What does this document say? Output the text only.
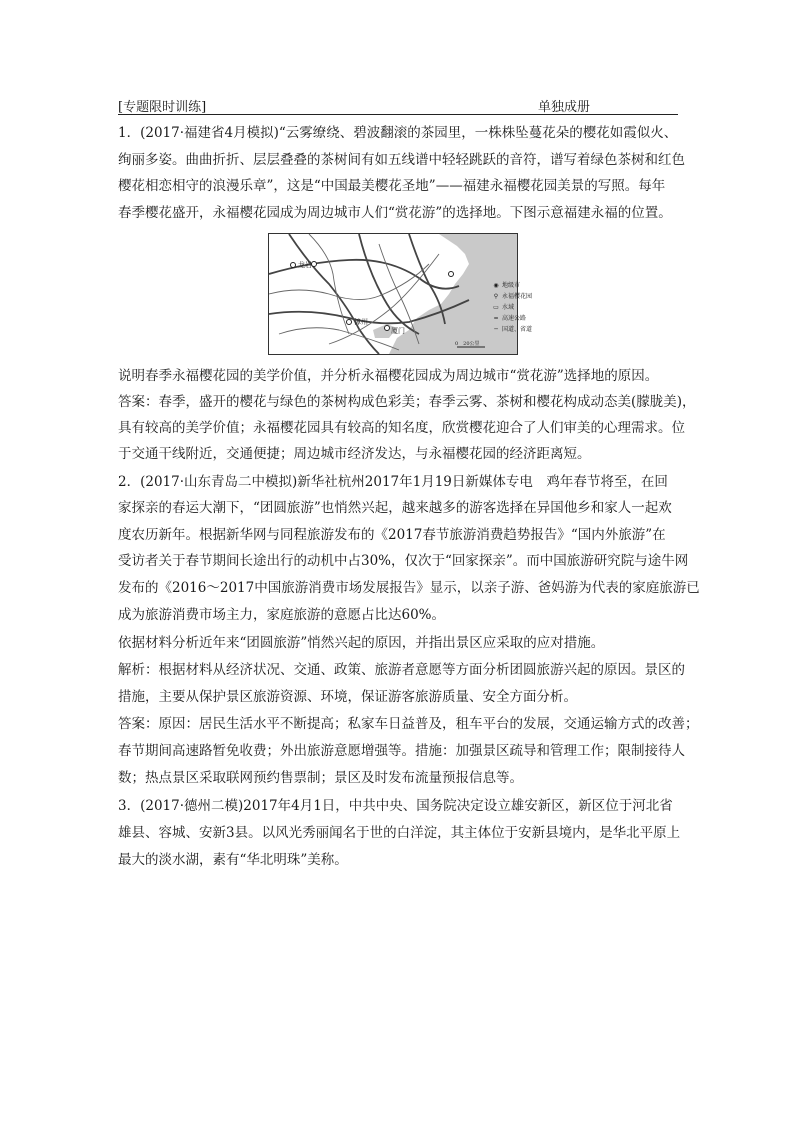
[专题限时训练]	单独成册
1．(2017·福建省4月模拟)“云雾缭绕、碧波翻滚的茶园里，一株株坠蔓花朵的樱花如霞似火、
绚丽多姿。曲曲折折、层层叠叠的茶树间有如五线谱中轻轻跳跃的音符，谱写着绿色茶树和红色
樱花相恋相守的浪漫乐章”，这是“中国最美樱花圣地”——福建永福樱花园美景的写照。每年
春季樱花盛开，永福樱花园成为周边城市人们“赏花游”的选择地。下图示意福建永福的位置。
龙岩
漳州
厦门
0　20公里
◉ 地级市
⚲ 永福樱花园
▭ 水域
═ 高速公路
─ 国道、省道
说明春季永福樱花园的美学价值，并分析永福樱花园成为周边城市“赏花游”选择地的原因。
答案：春季，盛开的樱花与绿色的茶树构成色彩美；春季云雾、茶树和樱花构成动态美(朦胧美)，
具有较高的美学价值；永福樱花园具有较高的知名度，欣赏樱花迎合了人们审美的心理需求。位
于交通干线附近，交通便捷；周边城市经济发达，与永福樱花园的经济距离短。
2．(2017·山东青岛二中模拟)新华社杭州2017年1月19日新媒体专电　鸡年春节将至，在回
家探亲的春运大潮下，“团圆旅游”也悄然兴起，越来越多的游客选择在异国他乡和家人一起欢
度农历新年。根据新华网与同程旅游发布的《2017春节旅游消费趋势报告》“国内外旅游”在
受访者关于春节期间长途出行的动机中占30%，仅次于“回家探亲”。而中国旅游研究院与途牛网
发布的《2016～2017中国旅游消费市场发展报告》显示，以亲子游、爸妈游为代表的家庭旅游已
成为旅游消费市场主力，家庭旅游的意愿占比达60%。
依据材料分析近年来“团圆旅游”悄然兴起的原因，并指出景区应采取的应对措施。
解析：根据材料从经济状况、交通、政策、旅游者意愿等方面分析团圆旅游兴起的原因。景区的
措施，主要从保护景区旅游资源、环境，保证游客旅游质量、安全方面分析。
答案：原因：居民生活水平不断提高；私家车日益普及，租车平台的发展，交通运输方式的改善；
春节期间高速路暂免收费；外出旅游意愿增强等。措施：加强景区疏导和管理工作；限制接待人
数；热点景区采取联网预约售票制；景区及时发布流量预报信息等。
3．(2017·德州二模)2017年4月1日，中共中央、国务院决定设立雄安新区，新区位于河北省
雄县、容城、安新3县。以风光秀丽闻名于世的白洋淀，其主体位于安新县境内，是华北平原上
最大的淡水湖，素有“华北明珠”美称。
